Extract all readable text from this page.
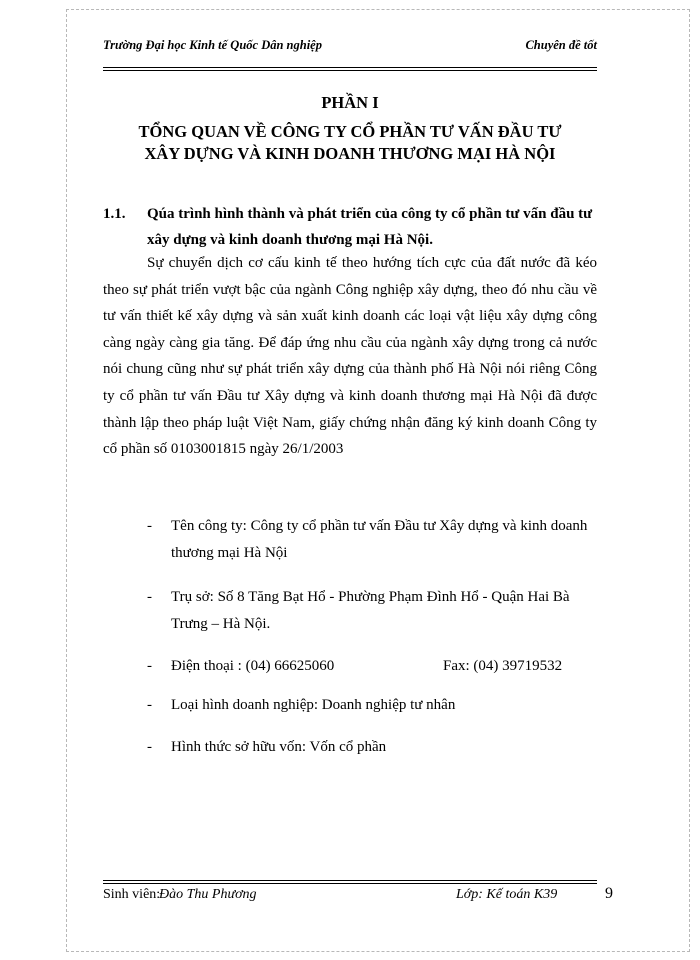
Trường Đại học Kinh tế Quốc Dân nghiệp	Chuyên đề tốt
PHẦN I
TỔNG QUAN VỀ CÔNG TY CỔ PHẦN TƯ VẤN ĐẦU TƯ
XÂY DỰNG VÀ KINH DOANH THƯƠNG MẠI HÀ NỘI
1.1. Qúa trình hình thành và phát triển của công ty cổ phần tư vấn đầu tư xây dựng và kinh doanh thương mại Hà Nội.
Sự chuyển dịch cơ cấu kinh tế theo hướng tích cực của đất nước đã kéo theo sự phát triển vượt bậc của ngành Công nghiệp xây dựng, theo đó nhu cầu về tư vấn thiết kế xây dựng và sản xuất kinh doanh các loại vật liệu xây dựng công càng ngày càng gia tăng. Để đáp ứng nhu cầu của ngành xây dựng trong cả nước nói chung cũng như sự phát triển xây dựng của thành phố Hà Nội nói riêng Công ty cổ phần tư vấn Đầu tư Xây dựng và kinh doanh thương mại Hà Nội đã được thành lập theo pháp luật Việt Nam, giấy chứng nhận đăng ký kinh doanh Công ty cổ phần số 0103001815 ngày 26/1/2003
- Tên công ty: Công ty cổ phần tư vấn Đầu tư Xây dựng và kinh doanh thương mại Hà Nội
- Trụ sở: Số 8 Tăng Bạt Hổ - Phường Phạm Đình Hổ - Quận Hai Bà Trưng – Hà Nội.
- Điện thoại : (04) 66625060	Fax: (04) 39719532
- Loại hình doanh nghiệp: Doanh nghiệp tư nhân
- Hình thức sở hữu vốn: Vốn cổ phần
Sinh viên:
Đào Thu Phương	Lớp: Kế toán K39	9
